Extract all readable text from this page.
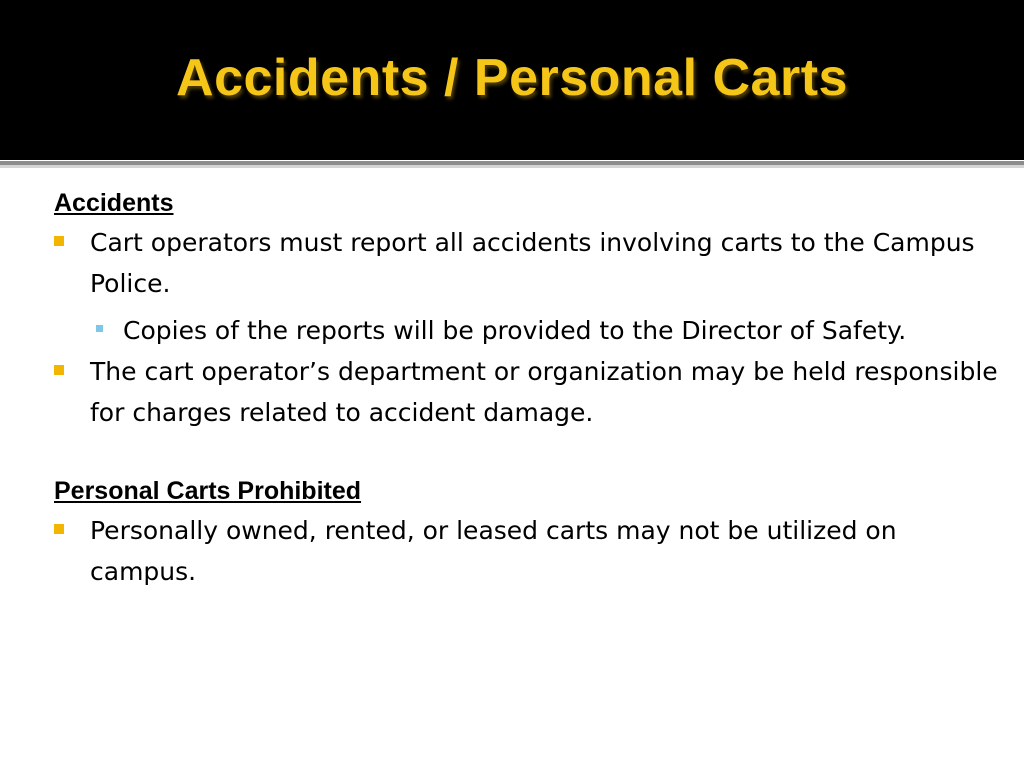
Accidents / Personal Carts

Accidents

Cart operators must report all accidents involving carts to the Campus Police.
Copies of the reports will be provided to the Director of Safety.
The cart operator’s department or organization may be held responsible for charges related to accident damage.

Personal Carts Prohibited

Personally owned, rented, or leased carts may not be utilized on campus.
